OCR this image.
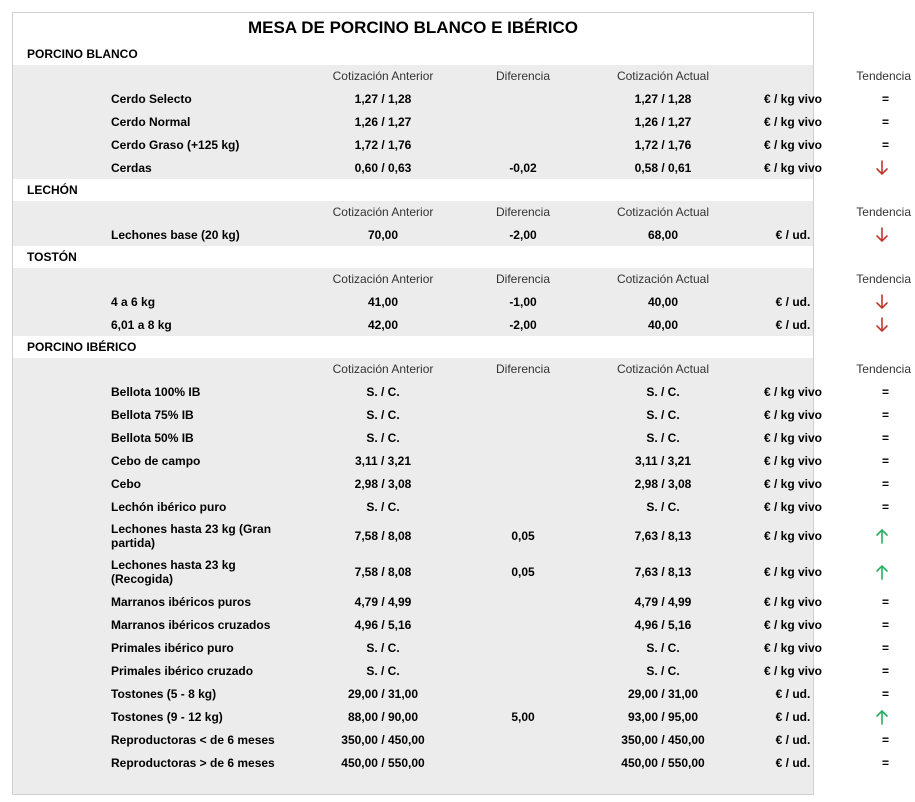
MESA DE PORCINO BLANCO E IBÉRICO
PORCINO BLANCO
	Cotización Anterior	Diferencia	Cotización Actual		Tendencia
Cerdo Selecto	1,27 / 1,28		1,27 / 1,28	€ / kg vivo	=
Cerdo Normal	1,26 / 1,27		1,26 / 1,27	€ / kg vivo	=
Cerdo Graso (+125 kg)	1,72 / 1,76		1,72 / 1,76	€ / kg vivo	=
Cerdas	0,60 / 0,63	-0,02	0,58 / 0,61	€ / kg vivo	
LECHÓN
	Cotización Anterior	Diferencia	Cotización Actual		Tendencia
Lechones base (20 kg)	70,00	-2,00	68,00	€ / ud.	
TOSTÓN
	Cotización Anterior	Diferencia	Cotización Actual		Tendencia
4 a 6 kg	41,00	-1,00	40,00	€ / ud.	
6,01 a 8 kg	42,00	-2,00	40,00	€ / ud.	
PORCINO IBÉRICO
	Cotización Anterior	Diferencia	Cotización Actual		Tendencia
Bellota 100% IB	S. / C.		S. / C.	€ / kg vivo	=
Bellota 75% IB	S. / C.		S. / C.	€ / kg vivo	=
Bellota 50% IB	S. / C.		S. / C.	€ / kg vivo	=
Cebo de campo	3,11 / 3,21		3,11 / 3,21	€ / kg vivo	=
Cebo	2,98 / 3,08		2,98 / 3,08	€ / kg vivo	=
Lechón ibérico puro	S. / C.		S. / C.	€ / kg vivo	=
Lechones hasta 23 kg (Gran partida)	7,58 / 8,08	0,05	7,63 / 8,13	€ / kg vivo	
Lechones hasta 23 kg (Recogida)	7,58 / 8,08	0,05	7,63 / 8,13	€ / kg vivo	
Marranos ibéricos puros	4,79 / 4,99		4,79 / 4,99	€ / kg vivo	=
Marranos ibéricos cruzados	4,96 / 5,16		4,96 / 5,16	€ / kg vivo	=
Primales ibérico puro	S. / C.		S. / C.	€ / kg vivo	=
Primales ibérico cruzado	S. / C.		S. / C.	€ / kg vivo	=
Tostones (5 - 8 kg)	29,00 / 31,00		29,00 / 31,00	€ / ud.	=
Tostones (9 - 12 kg)	88,00 / 90,00	5,00	93,00 / 95,00	€ / ud.	
Reproductoras < de 6 meses	350,00 / 450,00		350,00 / 450,00	€ / ud.	=
Reproductoras > de 6 meses	450,00 / 550,00		450,00 / 550,00	€ / ud.	=
